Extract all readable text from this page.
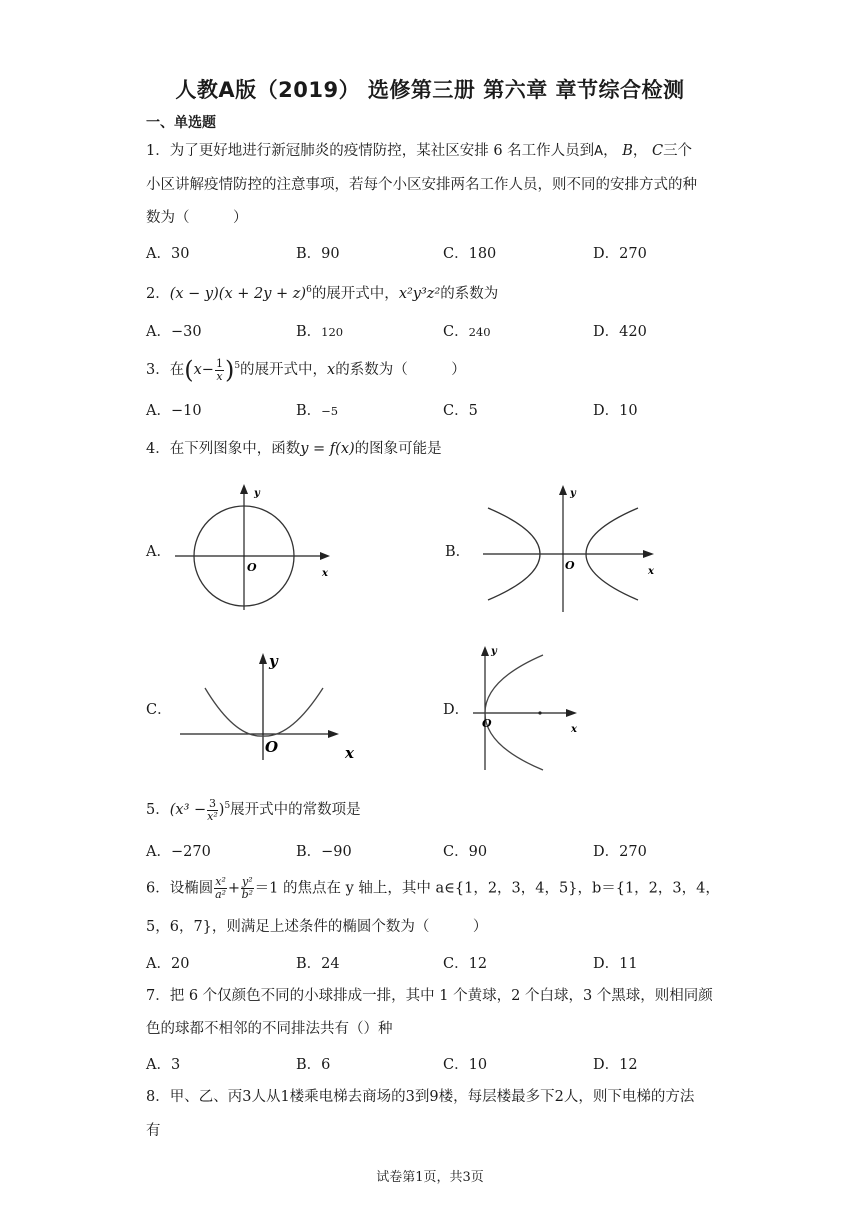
人教A版（2019） 选修第三册 第六章 章节综合检测
一、单选题
1．为了更好地进行新冠肺炎的疫情防控，某社区安排 6 名工作人员到A， B， C三个
小区讲解疫情防控的注意事项，若每个小区安排两名工作人员，则不同的安排方式的种
数为（　　　）
A．30	B．90	C．180	D．270
2．$(x - y)(x + 2y + z)^6$的展开式中，x²y³z²的系数为
A．−30	B．120	C．240	D．420
3．在$(x- \frac{1}{x} )^5$的展开式中，x的系数为（　　　）
A．−10	B．−5	C．5	D．10
4．在下列图象中，函数y = f(x)的图象可能是
A．
O	x
y
B．
O	x
y
C．
O	x
y
D．
O	x
y
5．$(x^3 - \frac{3}{\text{x²}} )^5$展开式中的常数项是
A．−270	B．−90	C．90	D．270
6．设椭圆 $\frac{\text{x²}}{\text{a²}} + \frac{\text{y²}}{\text{b²}} =1$ 的焦点在 y 轴上，其中 a∈{1，2，3，4，5}，b＝{1，2，3，4，
5，6，7}，则满足上述条件的椭圆个数为（　　　）
A．20	B．24	C．12	D．11
7．把 6 个仅颜色不同的小球排成一排，其中 1 个黄球，2 个白球，3 个黑球，则相同颜
色的球都不相邻的不同排法共有（）种
A．3	B．6	C．10	D．12
8．甲、乙、丙3人从1楼乘电梯去商场的3到9楼，每层楼最多下2人，则下电梯的方法
有
试卷第1页，共3页
